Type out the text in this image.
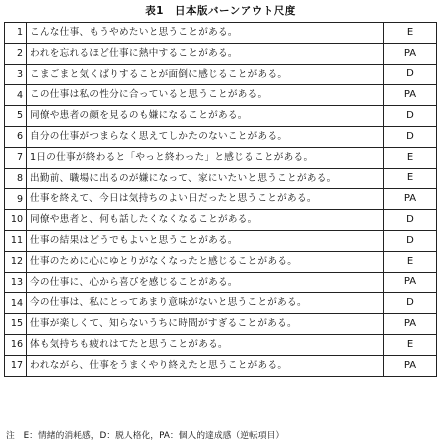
表1　日本版バーンアウト尺度
1	こんな仕事、もうやめたいと思うことがある。	E
2	われを忘れるほど仕事に熱中することがある。	PA
3	こまごまと気くばりすることが面倒に感じることがある。	D
4	この仕事は私の性分に合っていると思うことがある。	PA
5	同僚や患者の顔を見るのも嫌になることがある。	D
6	自分の仕事がつまらなく思えてしかたのないことがある。	D
7	1日の仕事が終わると「やっと終わった」と感じることがある。	E
8	出勤前、職場に出るのが嫌になって、家にいたいと思うことがある。	E
9	仕事を終えて、今日は気持ちのよい日だったと思うことがある。	PA
10	同僚や患者と、何も話したくなくなることがある。	D
11	仕事の結果はどうでもよいと思うことがある。	D
12	仕事のために心にゆとりがなくなったと感じることがある。	E
13	今の仕事に、心から喜びを感じることがある。	PA
14	今の仕事は、私にとってあまり意味がないと思うことがある。	D
15	仕事が楽しくて、知らないうちに時間がすぎることがある。	PA
16	体も気持ちも疲れはてたと思うことがある。	E
17	われながら、仕事をうまくやり終えたと思うことがある。	PA
注　E：情緒的消耗感，D：脱人格化，PA：個人的達成感（逆転項目）
